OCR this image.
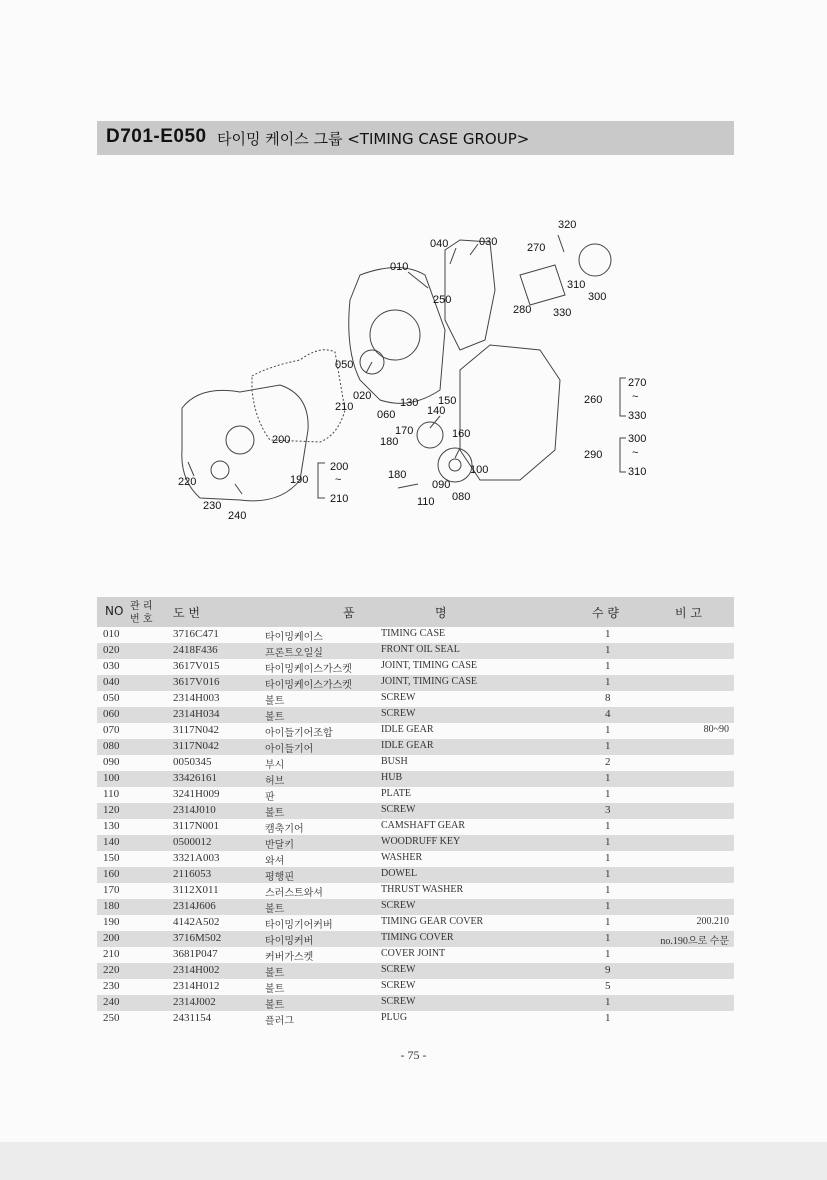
D701-E050 타이밍 케이스 그룹 <TIMING CASE GROUP>
320
040	030	270
010
310
300
250
280 330
050
020
210
060
130 150
140
170	160
180
200
220	190
200
~
210
180	100
090
080
110
230
240
260
270
~
330
290
300
~
310
NO 관 리
번 호 도 번	품	명	수 량	비 고
010	3716C471	타이밍케이스	TIMING CASE	1
020	2418F436	프론트오일실	FRONT OIL SEAL	1
030	3617V015	타이밍케이스가스켓	JOINT, TIMING CASE	1
040	3617V016	타이밍케이스가스켓	JOINT, TIMING CASE	1
050	2314H003	볼트	SCREW	8
060	2314H034	볼트	SCREW	4
070	3117N042	아이들기어조합	IDLE GEAR	1	80~90
080	3117N042	아이들기어	IDLE GEAR	1
090	0050345	부시	BUSH	2
100	33426161	허브	HUB	1
110	3241H009	판	PLATE	1
120	2314J010	볼트	SCREW	3
130	3117N001	캠축기어	CAMSHAFT GEAR	1
140	0500012	반달키	WOODRUFF KEY	1
150	3321A003	와셔	WASHER	1
160	2116053	평행핀	DOWEL	1
170	3112X011	스러스트와셔	THRUST WASHER	1
180	2314J606	볼트	SCREW	1
190	4142A502	타이밍기어커버	TIMING GEAR COVER	1	200.210
200	3716M502	타이밍커버	TIMING COVER	1	no.190으로 수문
210	3681P047	커버가스켓	COVER JOINT	1
220	2314H002	볼트	SCREW	9
230	2314H012	볼트	SCREW	5
240	2314J002	볼트	SCREW	1
250	2431154	플러그	PLUG	1
- 75 -
